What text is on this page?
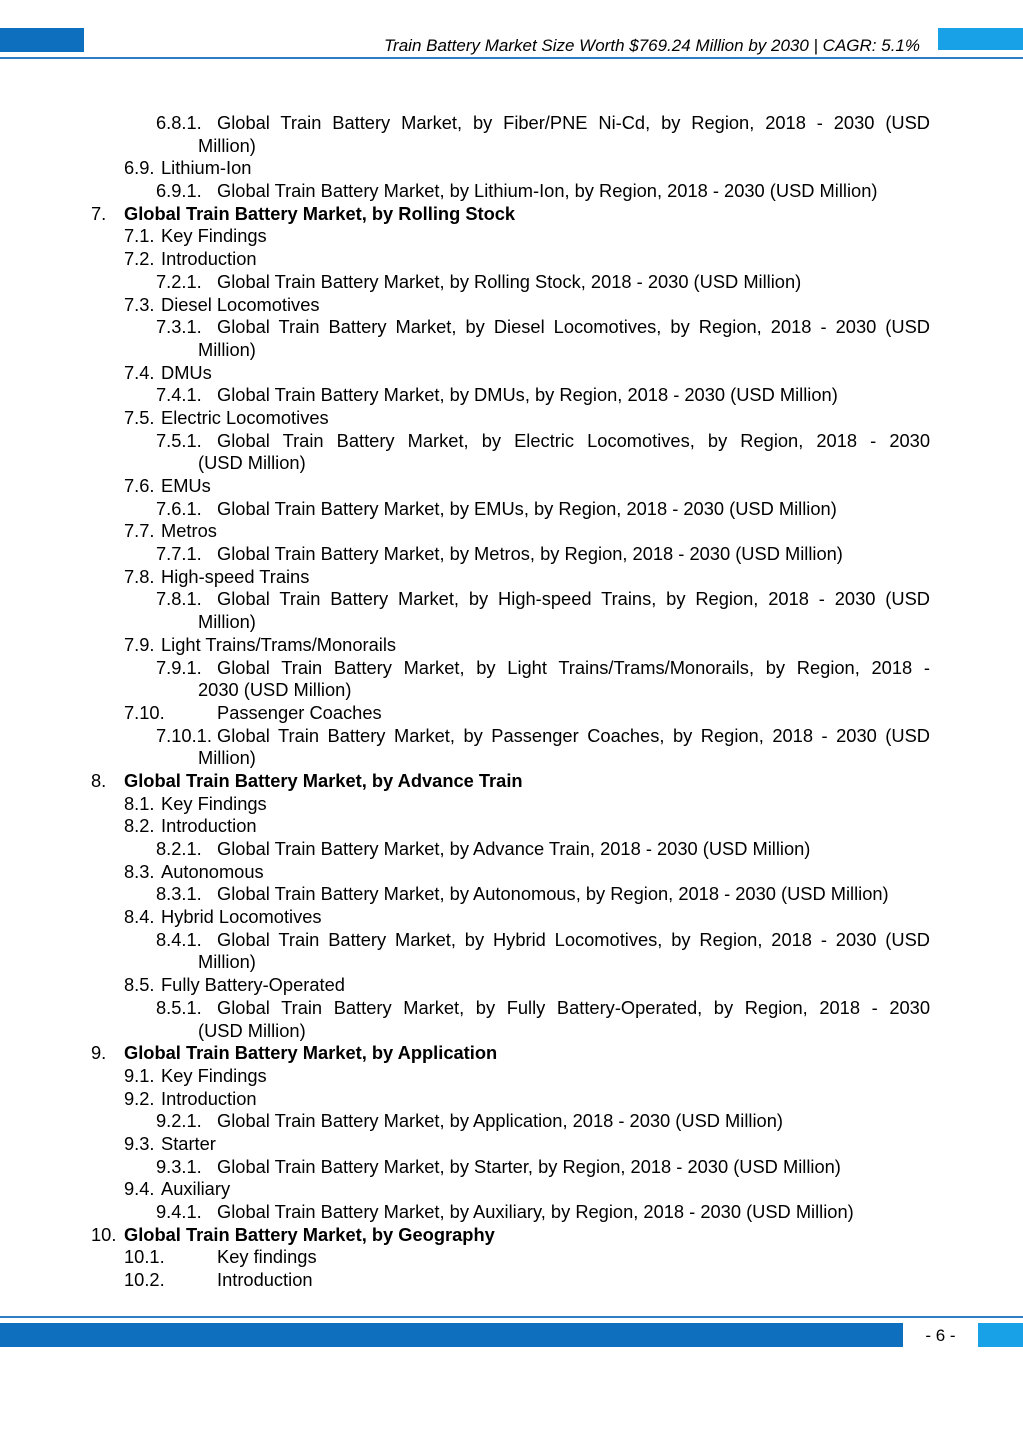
Train Battery Market Size Worth $769.24 Million by 2030 | CAGR: 5.1%
6.8.1. Global Train Battery Market, by Fiber/PNE Ni-Cd, by Region, 2018 - 2030 (USD
Million)
6.9. Lithium-Ion
6.9.1. Global Train Battery Market, by Lithium-Ion, by Region, 2018 - 2030 (USD Million)
7. Global Train Battery Market, by Rolling Stock
7.1. Key Findings
7.2. Introduction
7.2.1. Global Train Battery Market, by Rolling Stock, 2018 - 2030 (USD Million)
7.3. Diesel Locomotives
7.3.1. Global Train Battery Market, by Diesel Locomotives, by Region, 2018 - 2030 (USD
Million)
7.4. DMUs
7.4.1. Global Train Battery Market, by DMUs, by Region, 2018 - 2030 (USD Million)
7.5. Electric Locomotives
7.5.1. Global Train Battery Market, by Electric Locomotives, by Region, 2018 - 2030
(USD Million)
7.6. EMUs
7.6.1. Global Train Battery Market, by EMUs, by Region, 2018 - 2030 (USD Million)
7.7. Metros
7.7.1. Global Train Battery Market, by Metros, by Region, 2018 - 2030 (USD Million)
7.8. High-speed Trains
7.8.1. Global Train Battery Market, by High-speed Trains, by Region, 2018 - 2030 (USD
Million)
7.9. Light Trains/Trams/Monorails
7.9.1. Global Train Battery Market, by Light Trains/Trams/Monorails, by Region, 2018 -
2030 (USD Million)
7.10.	Passenger Coaches
7.10.1. Global Train Battery Market, by Passenger Coaches, by Region, 2018 - 2030 (USD
Million)
8. Global Train Battery Market, by Advance Train
8.1. Key Findings
8.2. Introduction
8.2.1. Global Train Battery Market, by Advance Train, 2018 - 2030 (USD Million)
8.3. Autonomous
8.3.1. Global Train Battery Market, by Autonomous, by Region, 2018 - 2030 (USD Million)
8.4. Hybrid Locomotives
8.4.1. Global Train Battery Market, by Hybrid Locomotives, by Region, 2018 - 2030 (USD
Million)
8.5. Fully Battery-Operated
8.5.1. Global Train Battery Market, by Fully Battery-Operated, by Region, 2018 - 2030
(USD Million)
9. Global Train Battery Market, by Application
9.1. Key Findings
9.2. Introduction
9.2.1. Global Train Battery Market, by Application, 2018 - 2030 (USD Million)
9.3. Starter
9.3.1. Global Train Battery Market, by Starter, by Region, 2018 - 2030 (USD Million)
9.4. Auxiliary
9.4.1. Global Train Battery Market, by Auxiliary, by Region, 2018 - 2030 (USD Million)
10. Global Train Battery Market, by Geography
10.1.	Key findings
10.2.	Introduction
- 6 -
